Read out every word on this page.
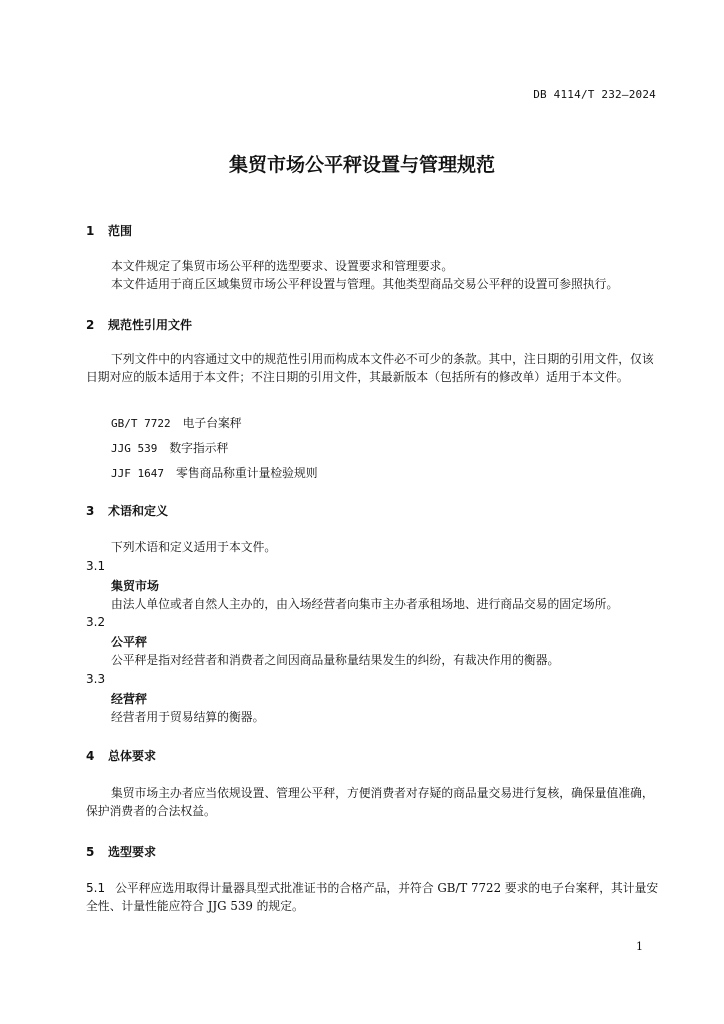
DB 4114/T 232—2024
集贸市场公平秤设置与管理规范
1 范围
本文件规定了集贸市场公平秤的选型要求、设置要求和管理要求。
本文件适用于商丘区域集贸市场公平秤设置与管理。其他类型商品交易公平秤的设置可参照执行。
2 规范性引用文件
下列文件中的内容通过文中的规范性引用而构成本文件必不可少的条款。其中，注日期的引用文件，仅该日期对应的版本适用于本文件；不注日期的引用文件，其最新版本（包括所有的修改单）适用于本文件。
GB/T 7722 电子台案秤
JJG 539 数字指示秤
JJF 1647 零售商品称重计量检验规则
3 术语和定义
下列术语和定义适用于本文件。
3.1
集贸市场
由法人单位或者自然人主办的，由入场经营者向集市主办者承租场地、进行商品交易的固定场所。
3.2
公平秤
公平秤是指对经营者和消费者之间因商品量称量结果发生的纠纷，有裁决作用的衡器。
3.3
经营秤
经营者用于贸易结算的衡器。
4 总体要求
集贸市场主办者应当依规设置、管理公平秤，方便消费者对存疑的商品量交易进行复核，确保量值准确，保护消费者的合法权益。
5 选型要求
5.1 公平秤应选用取得计量器具型式批准证书的合格产品，并符合 GB/T 7722 要求的电子台案秤，其计量安全性、计量性能应符合 JJG 539 的规定。
1
